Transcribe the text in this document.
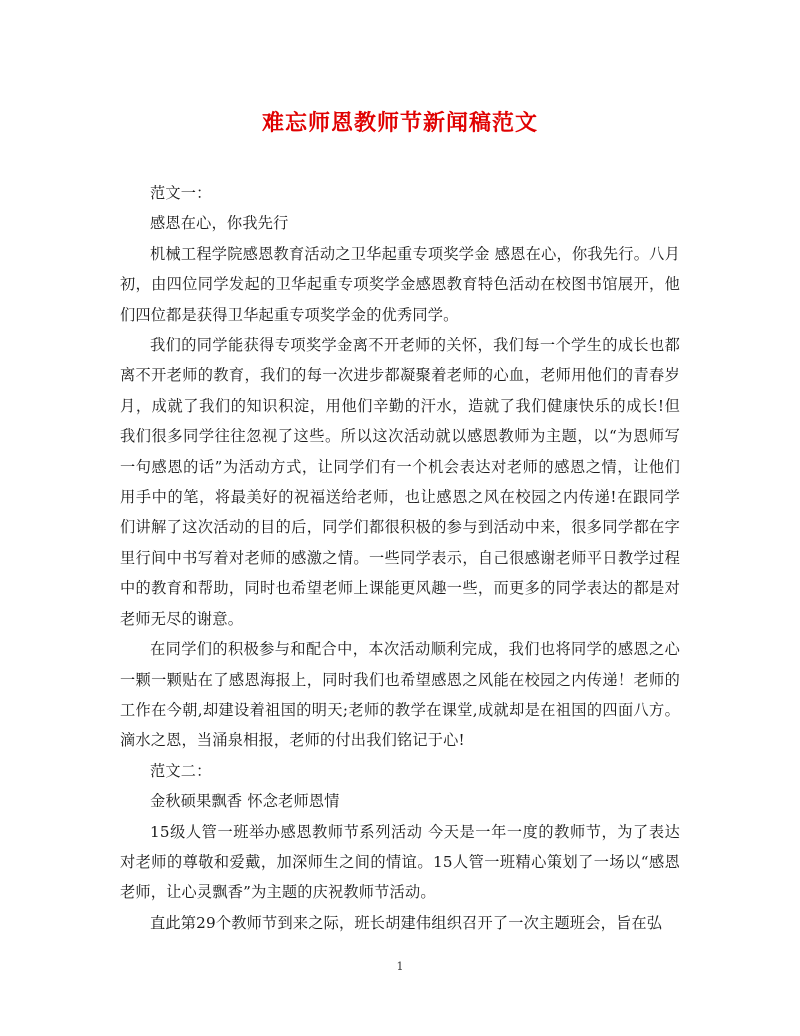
难忘师恩教师节新闻稿范文

范文一：

感恩在心，你我先行

机械工程学院感恩教育活动之卫华起重专项奖学金 感恩在心，你我先行。八月初，由四位同学发起的卫华起重专项奖学金感恩教育特色活动在校图书馆展开，他们四位都是获得卫华起重专项奖学金的优秀同学。

我们的同学能获得专项奖学金离不开老师的关怀，我们每一个学生的成长也都离不开老师的教育，我们的每一次进步都凝聚着老师的心血，老师用他们的青春岁月，成就了我们的知识积淀，用他们辛勤的汗水，造就了我们健康快乐的成长!但我们很多同学往往忽视了这些。所以这次活动就以感恩教师为主题，以“为恩师写一句感恩的话”为活动方式，让同学们有一个机会表达对老师的感恩之情，让他们用手中的笔，将最美好的祝福送给老师，也让感恩之风在校园之内传递!在跟同学们讲解了这次活动的目的后，同学们都很积极的参与到活动中来，很多同学都在字里行间中书写着对老师的感激之情。一些同学表示，自己很感谢老师平日教学过程中的教育和帮助，同时也希望老师上课能更风趣一些，而更多的同学表达的都是对老师无尽的谢意。

在同学们的积极参与和配合中，本次活动顺利完成，我们也将同学的感恩之心一颗一颗贴在了感恩海报上，同时我们也希望感恩之风能在校园之内传递！老师的工作在今朝,却建设着祖国的明天;老师的教学在课堂,成就却是在祖国的四面八方。滴水之恩，当涌泉相报，老师的付出我们铭记于心!

范文二：

金秋硕果飘香 怀念老师恩情

15级人管一班举办感恩教师节系列活动 今天是一年一度的教师节，为了表达对老师的尊敬和爱戴，加深师生之间的情谊。15人管一班精心策划了一场以“感恩老师，让心灵飘香”为主题的庆祝教师节活动。

直此第29个教师节到来之际，班长胡建伟组织召开了一次主题班会，旨在弘

1
